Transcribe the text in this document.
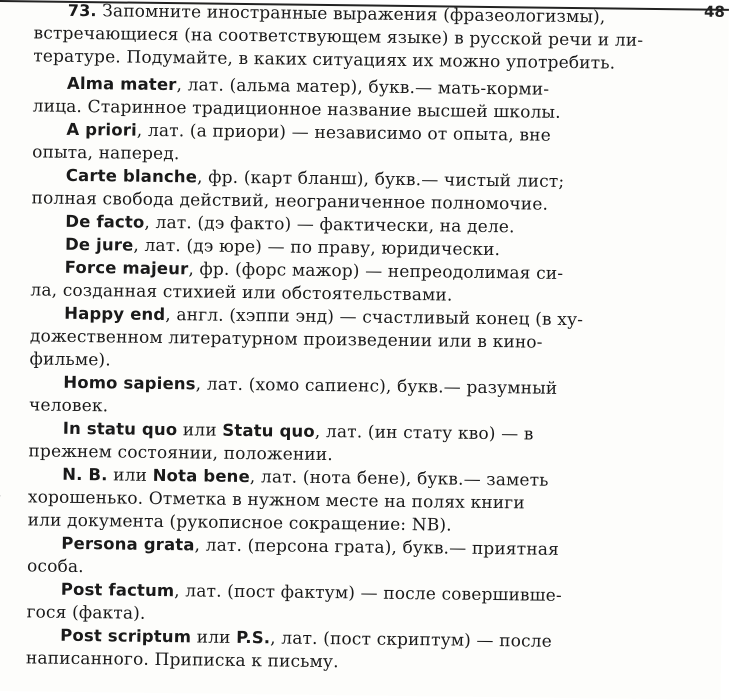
48
73. Запомните иностранные выражения (фразеологизмы),
встречающиеся (на соответствующем языке) в русской речи и ли-
тературе. Подумайте, в каких ситуациях их можно употребить.
Alma mater, лат. (альма матер), букв.— мать-корми-
лица. Старинное традиционное название высшей школы.
A priori, лат. (а приори) — независимо от опыта, вне
опыта, наперед.
Carte blanche, фр. (карт бланш), букв.— чистый лист;
полная свобода действий, неограниченное полномочие.
De facto, лат. (дэ факто) — фактически, на деле.
De jure, лат. (дэ юре) — по праву, юридически.
Force majeur, фр. (форс мажор) — непреодолимая си-
ла, созданная стихией или обстоятельствами.
Happy end, англ. (хэппи энд) — счастливый конец (в ху-
дожественном литературном произведении или в кино-
фильме).
Homo sapiens, лат. (хомо сапиенс), букв.— разумный
человек.
In statu quo или Statu quo, лат. (ин стату кво) — в
прежнем состоянии, положении.
N. B. или Nota bene, лат. (нота бене), букв.— заметь
хорошенько. Отметка в нужном месте на полях книги
или документа (рукописное сокращение: NB).
Persona grata, лат. (персона грата), букв.— приятная
особа.
Post factum, лат. (пост фактум) — после совершивше-
гося (факта).
Post scriptum или P.S., лат. (пост скриптум) — после
написанного. Приписка к письму.
